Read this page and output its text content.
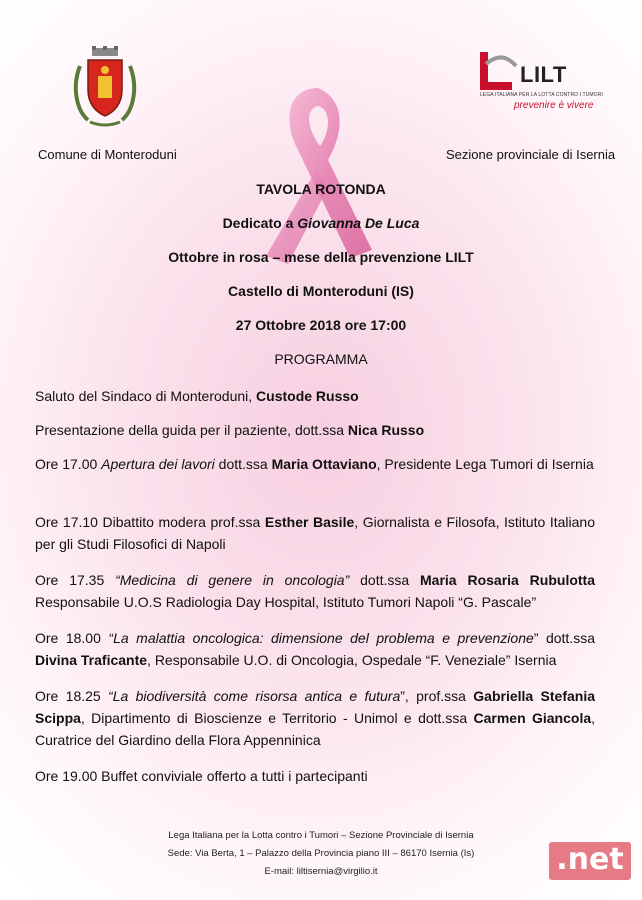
LILT
LEGA ITALIANA PER LA LOTTA CONTRO I TUMORI
prevenire è vivere
Comune di Monteroduni	Sezione provinciale di Isernia
TAVOLA ROTONDA
Dedicato a Giovanna De Luca
Ottobre in rosa – mese della prevenzione LILT
Castello di Monteroduni (IS)
27 Ottobre 2018 ore 17:00
PROGRAMMA
Saluto del Sindaco di Monteroduni, Custode Russo
Presentazione della guida per il paziente, dott.ssa Nica Russo
Ore 17.00 Apertura dei lavori dott.ssa Maria Ottaviano, Presidente Lega Tumori di Isernia
Ore 17.10 Dibattito modera prof.ssa Esther Basile, Giornalista e Filosofa, Istituto Italiano per gli Studi Filosofici di Napoli
Ore 17.35 “Medicina di genere in oncologia” dott.ssa Maria Rosaria Rubulotta Responsabile U.O.S Radiologia Day Hospital, Istituto Tumori Napoli “G. Pascale”
Ore 18.00 “La malattia oncologica: dimensione del problema e prevenzione” dott.ssa Divina Traficante, Responsabile U.O. di Oncologia, Ospedale “F. Veneziale” Isernia
Ore 18.25 “La biodiversità come risorsa antica e futura”, prof.ssa Gabriella Stefania Scippa, Dipartimento di Bioscienze e Territorio - Unimol e dott.ssa Carmen Giancola, Curatrice del Giardino della Flora Appenninica
Ore 19.00 Buffet conviviale offerto a tutti i partecipanti
Lega Italiana per la Lotta contro i Tumori – Sezione Provinciale di Isernia
Sede: Via Berta, 1 – Palazzo della Provincia piano III – 86170 Isernia (Is)
E-mail: liltisernia@virgilio.it	.net
